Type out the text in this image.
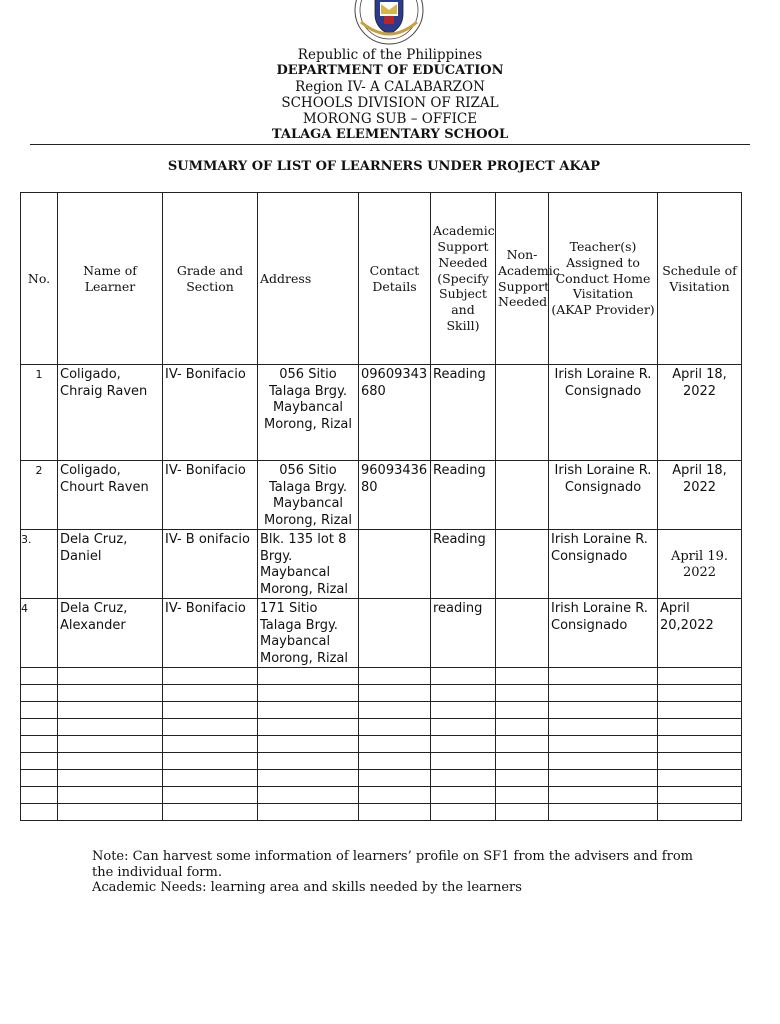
Republic of the Philippines
DEPARTMENT OF EDUCATION
Region IV- A CALABARZON
SCHOOLS DIVISION OF RIZAL
MORONG SUB – OFFICE
TALAGA ELEMENTARY SCHOOL
SUMMARY OF LIST OF LEARNERS UNDER PROJECT AKAP
No.	Name of Learner	Grade and Section	Address	Contact Details	Academic Support Needed (Specify Subject and Skill)	Non-Academic Support Needed	Teacher(s) Assigned to Conduct Home Visitation (AKAP Provider)	Schedule of Visitation
1	Coligado, Chraig Raven	IV- Bonifacio	056 Sitio Talaga Brgy. Maybancal Morong, Rizal	09609343680	Reading		Irish Loraine R. Consignado	April 18, 2022
2	Coligado, Chourt Raven	IV- Bonifacio	056 Sitio Talaga Brgy. Maybancal Morong, Rizal	9609343680	Reading		Irish Loraine R. Consignado	April 18, 2022
3.	Dela Cruz, Daniel	IV- B onifacio	Blk. 135 lot 8 Brgy. Maybancal Morong, Rizal		Reading		Irish Loraine R. Consignado	April 19. 2022
4	Dela Cruz, Alexander	IV- Bonifacio	171 Sitio Talaga Brgy. Maybancal Morong, Rizal		reading		Irish Loraine R. Consignado	April 20,2022

Note: Can harvest some information of learners’ profile on SF1 from the advisers and from the individual form.
Academic Needs: learning area and skills needed by the learners
